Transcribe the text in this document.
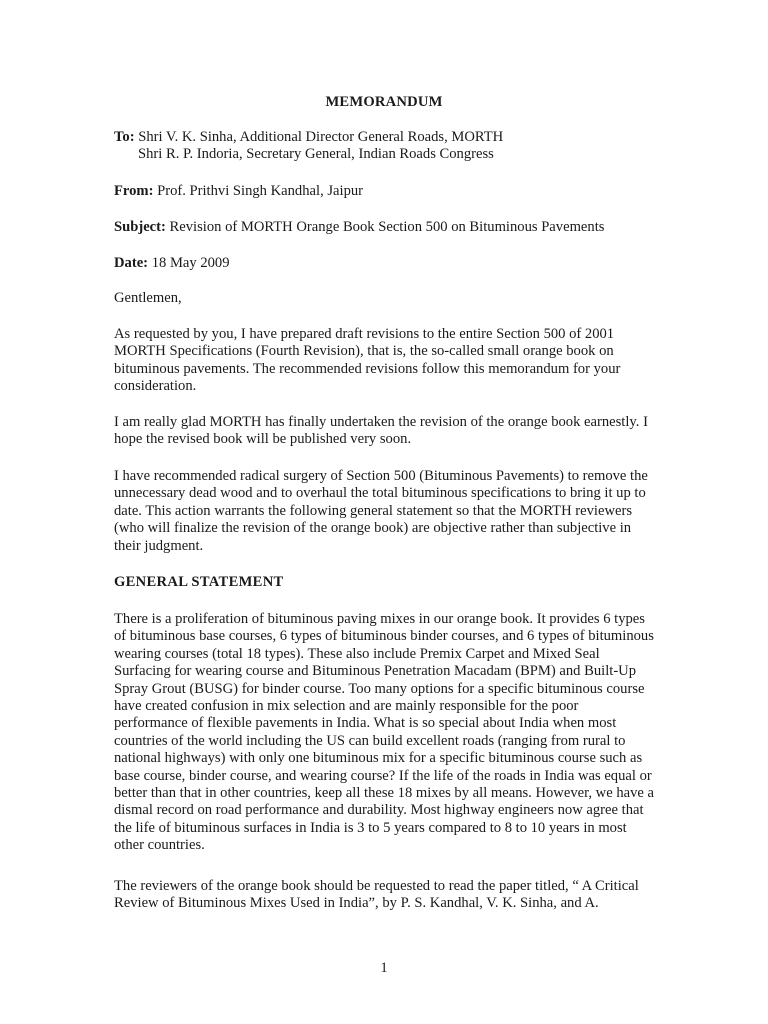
MEMORANDUM
To: Shri V. K. Sinha, Additional Director General Roads, MORTH
Shri R. P. Indoria, Secretary General, Indian Roads Congress
From: Prof. Prithvi Singh Kandhal, Jaipur
Subject: Revision of MORTH Orange Book Section 500 on Bituminous Pavements
Date: 18 May 2009
Gentlemen,
As requested by you, I have prepared draft revisions to the entire Section 500 of 2001 MORTH Specifications (Fourth Revision), that is, the so-called small orange book on bituminous pavements. The recommended revisions follow this memorandum for your consideration.
I am really glad MORTH has finally undertaken the revision of the orange book earnestly. I hope the revised book will be published very soon.
I have recommended radical surgery of Section 500 (Bituminous Pavements) to remove the unnecessary dead wood and to overhaul the total bituminous specifications to bring it up to date. This action warrants the following general statement so that the MORTH reviewers (who will finalize the revision of the orange book) are objective rather than subjective in their judgment.
GENERAL STATEMENT
There is a proliferation of bituminous paving mixes in our orange book. It provides 6 types of bituminous base courses, 6 types of bituminous binder courses, and 6 types of bituminous wearing courses (total 18 types). These also include Premix Carpet and Mixed Seal Surfacing for wearing course and Bituminous Penetration Macadam (BPM) and Built-Up Spray Grout (BUSG) for binder course. Too many options for a specific bituminous course have created confusion in mix selection and are mainly responsible for the poor performance of flexible pavements in India. What is so special about India when most countries of the world including the US can build excellent roads (ranging from rural to national highways) with only one bituminous mix for a specific bituminous course such as base course, binder course, and wearing course? If the life of the roads in India was equal or better than that in other countries, keep all these 18 mixes by all means. However, we have a dismal record on road performance and durability. Most highway engineers now agree that the life of bituminous surfaces in India is 3 to 5 years compared to 8 to 10 years in most other countries.
The reviewers of the orange book should be requested to read the paper titled, “ A Critical Review of Bituminous Mixes Used in India”, by P. S. Kandhal, V. K. Sinha, and A.
1
